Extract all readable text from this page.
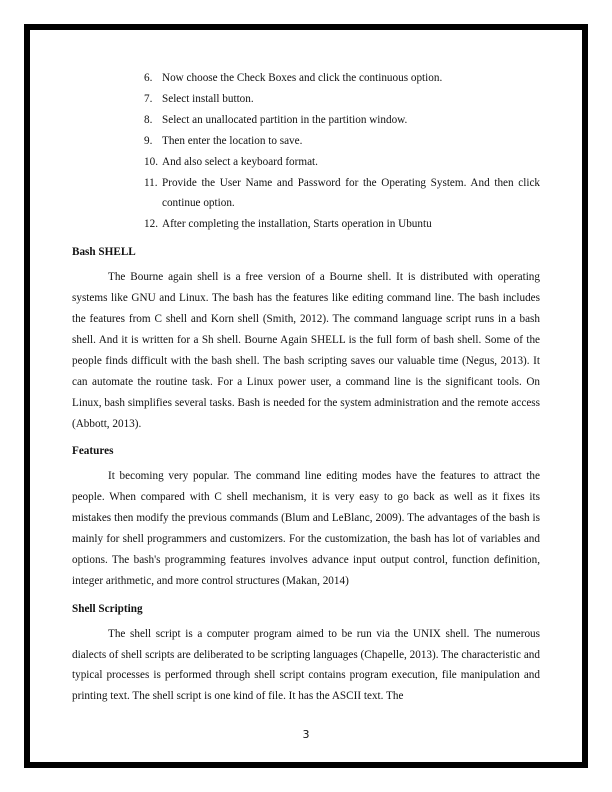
6. Now choose the Check Boxes and click the continuous option.
7. Select install button.
8. Select an unallocated partition in the partition window.
9. Then enter the location to save.
10. And also select a keyboard format.
11. Provide the User Name and Password for the Operating System. And then click continue option.
12. After completing the installation, Starts operation in Ubuntu
Bash SHELL

The Bourne again shell is a free version of a Bourne shell. It is distributed with operating systems like GNU and Linux. The bash has the features like editing command line. The bash includes the features from C shell and Korn shell (Smith, 2012). The command language script runs in a bash shell. And it is written for a Sh shell. Bourne Again SHELL is the full form of bash shell. Some of the people finds difficult with the bash shell. The bash scripting saves our valuable time (Negus, 2013). It can automate the routine task. For a Linux power user, a command line is the significant tools. On Linux, bash simplifies several tasks. Bash is needed for the system administration and the remote access (Abbott, 2013).

Features

It becoming very popular. The command line editing modes have the features to attract the people. When compared with C shell mechanism, it is very easy to go back as well as it fixes its mistakes then modify the previous commands (Blum and LeBlanc, 2009). The advantages of the bash is mainly for shell programmers and customizers. For the customization, the bash has lot of variables and options. The bash's programming features involves advance input output control, function definition, integer arithmetic, and more control structures (Makan, 2014)

Shell Scripting

The shell script is a computer program aimed to be run via the UNIX shell. The numerous dialects of shell scripts are deliberated to be scripting languages (Chapelle, 2013). The characteristic and typical processes is performed through shell script contains program execution, file manipulation and printing text. The shell script is one kind of file. It has the ASCII text. The

3
